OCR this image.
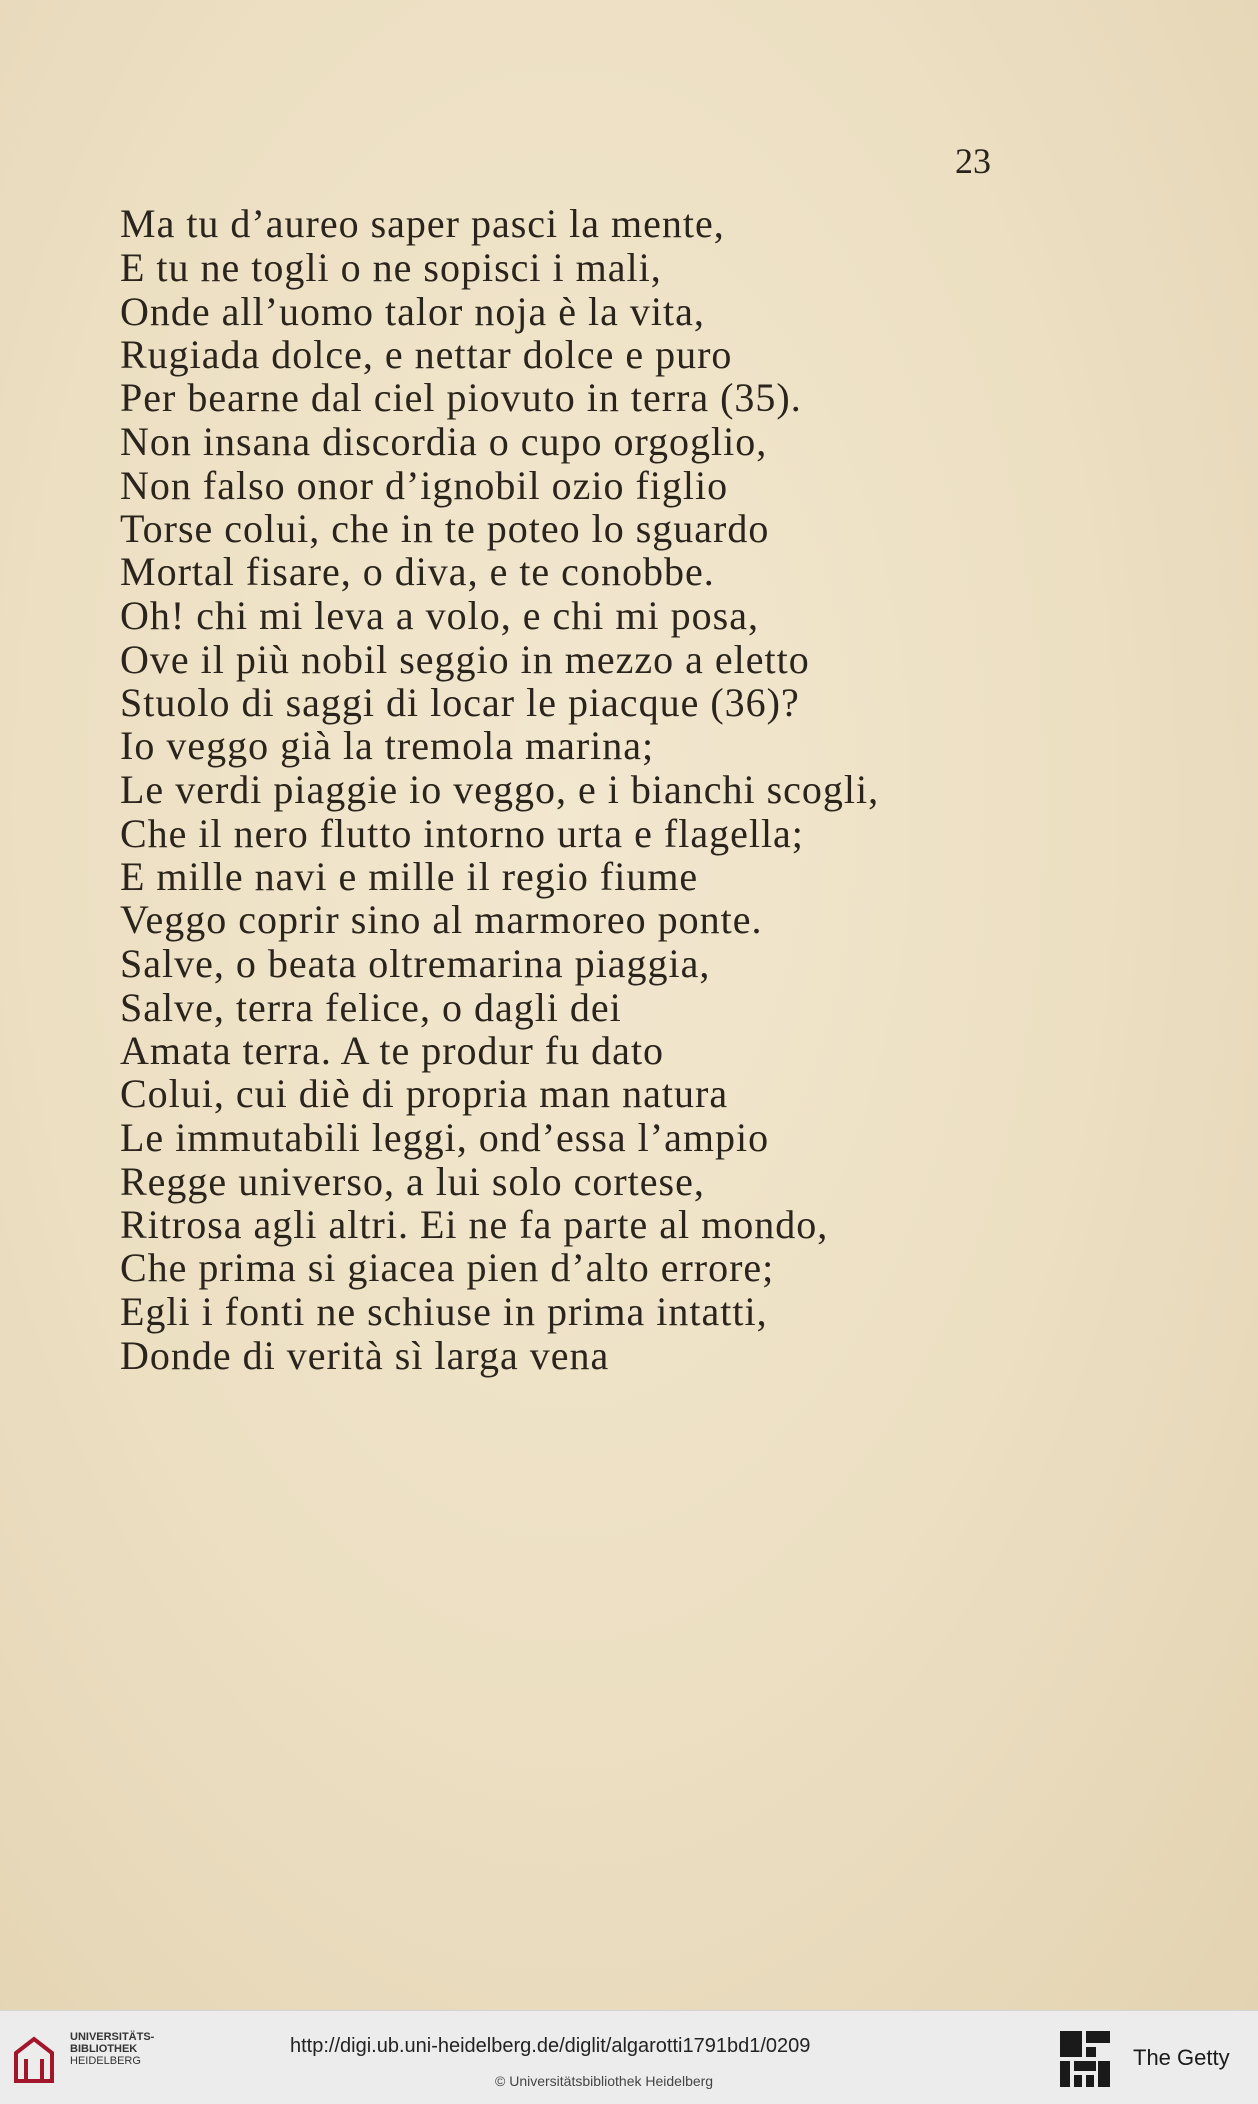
23
Ma tu d’aureo saper pasci la mente,
E tu ne togli o ne sopisci i mali,
Onde all’uomo talor noja è la vita,
Rugiada dolce, e nettar dolce e puro
Per bearne dal ciel piovuto in terra (35).
Non insana discordia o cupo orgoglio,
Non falso onor d’ignobil ozio figlio
Torse colui, che in te poteo lo sguardo
Mortal fisare, o diva, e te conobbe.
Oh! chi mi leva a volo, e chi mi posa,
Ove il più nobil seggio in mezzo a eletto
Stuolo di saggi di locar le piacque (36)?
Io veggo già la tremola marina;
Le verdi piaggie io veggo, e i bianchi scogli,
Che il nero flutto intorno urta e flagella;
E mille navi e mille il regio fiume
Veggo coprir sino al marmoreo ponte.
Salve, o beata oltremarina piaggia,
Salve, terra felice, o dagli dei
Amata terra. A te produr fu dato
Colui, cui diè di propria man natura
Le immutabili leggi, ond’essa l’ampio
Regge universo, a lui solo cortese,
Ritrosa agli altri. Ei ne fa parte al mondo,
Che prima si giacea pien d’alto errore;
Egli i fonti ne schiuse in prima intatti,
Donde di verità sì larga vena
UNIVERSITÄTS-
BIBLIOTHEK
HEIDELBERG
http://digi.ub.uni-heidelberg.de/diglit/algarotti1791bd1/0209
© Universitätsbibliothek Heidelberg
The Getty
